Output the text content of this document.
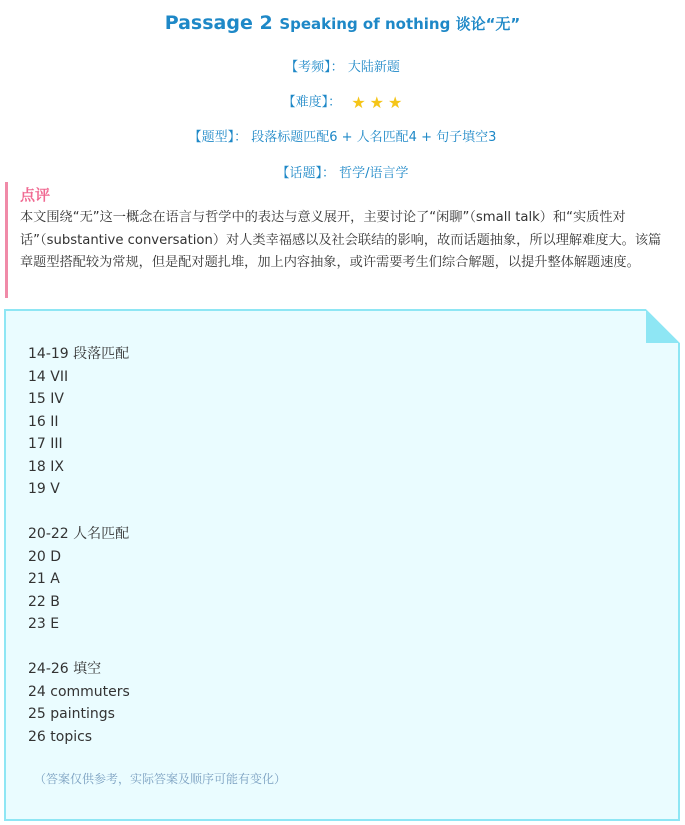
Passage 2 Speaking of nothing 谈论“无”
【考频】： 大陆新题
【难度】： ★ ★ ★
【题型】： 段落标题匹配6 + 人名匹配4 + 句子填空3
【话题】： 哲学/语言学
点评
本文围绕“无”这一概念在语言与哲学中的表达与意义展开，主要讨论了“闲聊”（small talk）和“实质性对话”（substantive conversation）对人类幸福感以及社会联结的影响，故而话题抽象，所以理解难度大。该篇章题型搭配较为常规，但是配对题扎堆，加上内容抽象，或许需要考生们综合解题，以提升整体解题速度。
14-19 段落匹配
14 VII
15 IV
16 II
17 III
18 IX
19 V
20-22 人名匹配
20 D
21 A
22 B
23 E
24-26 填空
24 commuters
25 paintings
26 topics
（答案仅供参考，实际答案及顺序可能有变化）
